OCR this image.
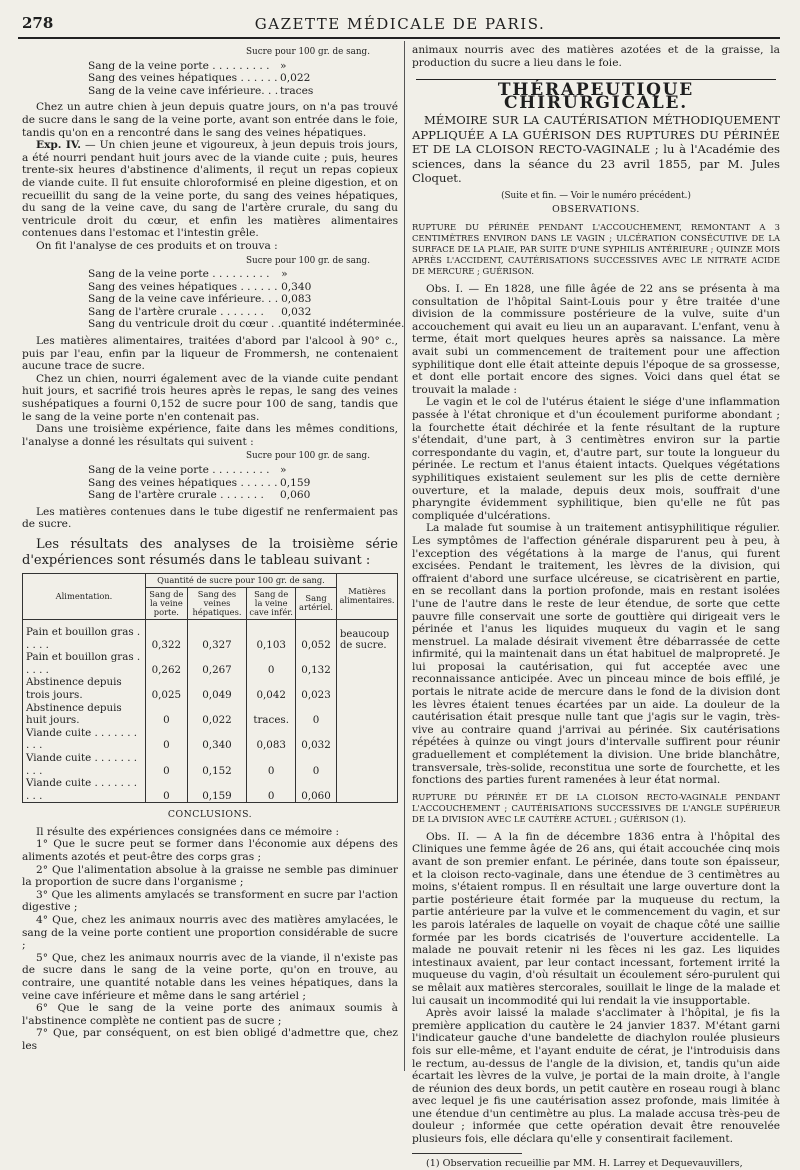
278	GAZETTE MÉDICALE DE PARIS.
Sucre pour 100 gr. de sang.
Sang de la veine porte . . . . . . . . .	»
Sang des veines hépatiques . . . . . .	0,022
Sang de la veine cave inférieure. . .	traces

Chez un autre chien à jeun depuis quatre jours, on n'a pas trouvé de sucre dans le sang de la veine porte, avant son entrée dans le foie, tandis qu'on en a rencontré dans le sang des veines hépatiques.

Exp. IV. — Un chien jeune et vigoureux, à jeun depuis trois jours, a été nourri pendant huit jours avec de la viande cuite ; puis, heures trente-six heures d'abstinence d'aliments, il reçut un repas copieux de viande cuite. Il fut ensuite chloroformisé en pleine digestion, et on recueillit du sang de la veine porte, du sang des veines hépatiques, du sang de la veine cave, du sang de l'artère crurale, du sang du ventricule droit du cœur, et enfin les matières alimentaires contenues dans l'estomac et l'intestin grêle.

On fit l'analyse de ces produits et on trouva :

Sucre pour 100 gr. de sang.
Sang de la veine porte . . . . . . . . .	»
Sang des veines hépatiques . . . . . .	0,340
Sang de la veine cave inférieure. . .	0,083
Sang de l'artère crurale . . . . . . .	0,032
Sang du ventricule droit du cœur . .	quantité indéterminée.

Les matières alimentaires, traitées d'abord par l'alcool à 90° c., puis par l'eau, enfin par la liqueur de Frommersh, ne contenaient aucune trace de sucre.

Chez un chien, nourri également avec de la viande cuite pendant huit jours, et sacrifié trois heures après le repas, le sang des veines sushépatiques a fourni 0,152 de sucre pour 100 de sang, tandis que le sang de la veine porte n'en contenait pas.

Dans une troisième expérience, faite dans les mêmes conditions, l'analyse a donné les résultats qui suivent :

Sucre pour 100 gr. de sang.
Sang de la veine porte . . . . . . . . .	»
Sang des veines hépatiques . . . . . .	0,159
Sang de l'artère crurale . . . . . . .	0,060

Les matières contenues dans le tube digestif ne renfermaient pas de sucre.

Les résultats des analyses de la troisième série d'expériences sont résumés dans le tableau suivant :

Alimentation.	Quantité de sucre pour 100 gr. de sang.				Matières alimentaires.
	Sang de la veine porte.	Sang des veines hépatiques.	Sang de la veine cave infér.	Sang artériel.	
Pain et bouillon gras . . . . .	0,322	0,327	0,103	0,052	beaucoup de sucre.
Pain et bouillon gras . . . . .	0,262	0,267	0	0,132	
Abstinence depuis trois jours.	0,025	0,049	0,042	0,023	
Abstinence depuis huit jours.	0	0,022	traces.	0	
Viande cuite . . . . . . . . . .	0	0,340	0,083	0,032	
Viande cuite . . . . . . . . . .	0	0,152	0	0	
Viande cuite . . . . . . . . . .	0	0,159	0	0,060	
CONCLUSIONS.

Il résulte des expériences consignées dans ce mémoire :

1° Que le sucre peut se former dans l'économie aux dépens des aliments azotés et peut-être des corps gras ;
2° Que l'alimentation absolue à la graisse ne semble pas diminuer la proportion de sucre dans l'organisme ;
3° Que les aliments amylacés se transforment en sucre par l'action digestive ;
4° Que, chez les animaux nourris avec des matières amylacées, le sang de la veine porte contient une proportion considérable de sucre ;
5° Que, chez les animaux nourris avec de la viande, il n'existe pas de sucre dans le sang de la veine porte, qu'on en trouve, au contraire, une quantité notable dans les veines hépatiques, dans la veine cave inférieure et même dans le sang artériel ;
6° Que le sang de la veine porte des animaux soumis à l'abstinence complète ne contient pas de sucre ;
7° Que, par conséquent, on est bien obligé d'admettre que, chez les

animaux nourris avec des matières azotées et de la graisse, la production du sucre a lieu dans le foie.

THÉRAPEUTIQUE CHIRURGICALE.
MÉMOIRE SUR LA CAUTÉRISATION MÉTHODIQUEMENT APPLIQUÉE A LA GUÉRISON DES RUPTURES DU PÉRINÉE ET DE LA CLOISON RECTO-VAGINALE ; lu à l'Académie des sciences, dans la séance du 23 avril 1855, par M. Jules Cloquet.
(Suite et fin. — Voir le numéro précédent.)
OBSERVATIONS.
RUPTURE DU PÉRINÉE PENDANT L'ACCOUCHEMENT, REMONTANT A 3 CENTIMÈTRES ENVIRON DANS LE VAGIN ; ULCÉRATION CONSÉCUTIVE DE LA SURFACE DE LA PLAIE, PAR SUITE D'UNE SYPHILIS ANTÉRIEURE ; QUINZE MOIS APRÈS L'ACCIDENT, CAUTÉRISATIONS SUCCESSIVES AVEC LE NITRATE ACIDE DE MERCURE ; GUÉRISON.

Obs. I. — En 1828, une fille âgée de 22 ans se présenta à ma consultation de l'hôpital Saint-Louis pour y être traitée d'une division de la commissure postérieure de la vulve, suite d'un accouchement qui avait eu lieu un an auparavant. L'enfant, venu à terme, était mort quelques heures après sa naissance. La mère avait subi un commencement de traitement pour une affection syphilitique dont elle était atteinte depuis l'époque de sa grossesse, et dont elle portait encore des signes. Voici dans quel état se trouvait la malade :

Le vagin et le col de l'utérus étaient le siége d'une inflammation passée à l'état chronique et d'un écoulement puriforme abondant ; la fourchette était déchirée et la fente résultant de la rupture s'étendait, d'une part, à 3 centimètres environ sur la partie correspondante du vagin, et, d'autre part, sur toute la longueur du périnée. Le rectum et l'anus étaient intacts. Quelques végétations syphilitiques existaient seulement sur les plis de cette dernière ouverture, et la malade, depuis deux mois, souffrait d'une pharyngite évidemment syphilitique, bien qu'elle ne fût pas compliquée d'ulcérations.

La malade fut soumise à un traitement antisyphilitique régulier. Les symptômes de l'affection générale disparurent peu à peu, à l'exception des végétations à la marge de l'anus, qui furent excisées. Pendant le traitement, les lèvres de la division, qui offraient d'abord une surface ulcéreuse, se cicatrisèrent en partie, en se recollant dans la portion profonde, mais en restant isolées l'une de l'autre dans le reste de leur étendue, de sorte que cette pauvre fille conservait une sorte de gouttière qui dirigeait vers le périnée et l'anus les liquides muqueux du vagin et le sang menstruel. La malade désirait vivement être débarrassée de cette infirmité, qui la maintenait dans un état habituel de malpropreté. Je lui proposai la cautérisation, qui fut acceptée avec une reconnaissance anticipée. Avec un pinceau mince de bois effilé, je portais le nitrate acide de mercure dans le fond de la division dont les lèvres étaient tenues écartées par un aide. La douleur de la cautérisation était presque nulle tant que j'agis sur le vagin, très-vive au contraire quand j'arrivai au périnée. Six cautérisations répétées à quinze ou vingt jours d'intervalle suffirent pour réunir graduellement et complétement la division. Une bride blanchâtre, transversale, très-solide, reconstitua une sorte de fourchette, et les fonctions des parties furent ramenées à leur état normal.

RUPTURE DU PÉRINÉE ET DE LA CLOISON RECTO-VAGINALE PENDANT L'ACCOUCHEMENT ; CAUTÉRISATIONS SUCCESSIVES DE L'ANGLE SUPÉRIEUR DE LA DIVISION AVEC LE CAUTÈRE ACTUEL ; GUÉRISON (1).

Obs. II. — A la fin de décembre 1836 entra à l'hôpital des Cliniques une femme âgée de 26 ans, qui était accouchée cinq mois avant de son premier enfant. Le périnée, dans toute son épaisseur, et la cloison recto-vaginale, dans une étendue de 3 centimètres au moins, s'étaient rompus. Il en résultait une large ouverture dont la partie postérieure était formée par la muqueuse du rectum, la partie antérieure par la vulve et le commencement du vagin, et sur les parois latérales de laquelle on voyait de chaque côté une saillie formée par les bords cicatrisés de l'ouverture accidentelle. La malade ne pouvait retenir ni les fèces ni les gaz. Les liquides intestinaux avaient, par leur contact incessant, fortement irrité la muqueuse du vagin, d'où résultait un écoulement séro-purulent qui se mêlait aux matières stercorales, souillait le linge de la malade et lui causait un incommodité qui lui rendait la vie insupportable.

Après avoir laissé la malade s'acclimater à l'hôpital, je fis la première application du cautère le 24 janvier 1837. M'étant garni l'indicateur gauche d'une bandelette de diachylon roulée plusieurs fois sur elle-même, et l'ayant enduite de cérat, je l'introduisis dans le rectum, au-dessus de l'angle de la division, et, tandis qu'un aide écartait les lèvres de la vulve, je portai de la main droite, à l'angle de réunion des deux bords, un petit cautère en roseau rougi à blanc avec lequel je fis une cautérisation assez profonde, mais limitée à une étendue d'un centimètre au plus. La malade accusa très-peu de douleur ; informée que cette opération devait être renouvelée plusieurs fois, elle déclara qu'elle y consentirait facilement.

(1) Observation recueillie par MM. H. Larrey et Dequevauvillers,
